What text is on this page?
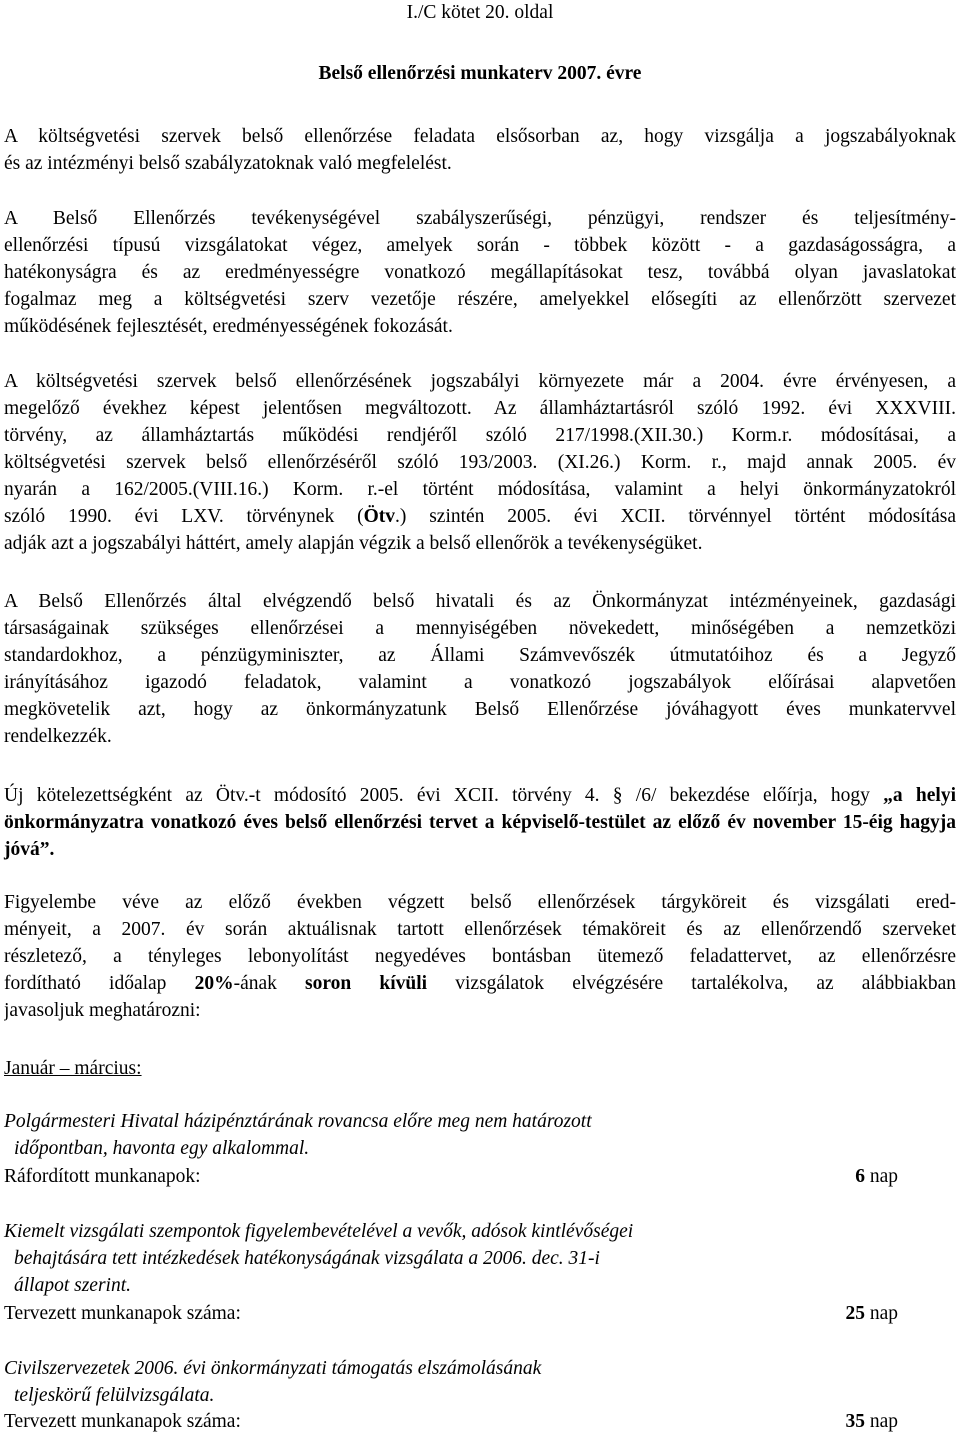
I./C kötet 20. oldal
Belső ellenőrzési munkaterv 2007. évre
A költségvetési szervek belső ellenőrzése feladata elsősorban az, hogy vizsgálja a jogszabályoknak
és az intézményi belső szabályzatoknak való megfelelést.
A Belső Ellenőrzés tevékenységével szabályszerűségi, pénzügyi, rendszer és teljesítmény-
ellenőrzési típusú vizsgálatokat végez, amelyek során - többek között - a gazdaságosságra, a
hatékonyságra és az eredményességre vonatkozó megállapításokat tesz, továbbá olyan javaslatokat
fogalmaz meg a költségvetési szerv vezetője részére, amelyekkel elősegíti az ellenőrzött szervezet
működésének fejlesztését, eredményességének fokozását.
A költségvetési szervek belső ellenőrzésének jogszabályi környezete már a 2004. évre érvényesen, a
megelőző évekhez képest jelentősen megváltozott. Az államháztartásról szóló 1992. évi XXXVIII.
törvény, az államháztartás működési rendjéről szóló 217/1998.(XII.30.) Korm.r. módosításai, a
költségvetési szervek belső ellenőrzéséről szóló 193/2003. (XI.26.) Korm. r., majd annak 2005. év
nyarán a 162/2005.(VIII.16.) Korm. r.-el történt módosítása, valamint a helyi önkormányzatokról
szóló 1990. évi LXV. törvénynek (Ötv.) szintén 2005. évi XCII. törvénnyel történt módosítása
adják azt a jogszabályi háttért, amely alapján végzik a belső ellenőrök a tevékenységüket.
A Belső Ellenőrzés által elvégzendő belső hivatali és az Önkormányzat intézményeinek, gazdasági
társaságainak szükséges ellenőrzései a mennyiségében növekedett, minőségében a nemzetközi
standardokhoz, a pénzügyminiszter, az Állami Számvevőszék útmutatóihoz és a Jegyző
irányításához igazodó feladatok, valamint a vonatkozó jogszabályok előírásai alapvetően
megkövetelik azt, hogy az önkormányzatunk Belső Ellenőrzése jóváhagyott éves munkatervvel
rendelkezzék.
Új kötelezettségként az Ötv.-t módosító 2005. évi XCII. törvény 4. § /6/ bekezdése előírja, hogy „a helyi önkormányzatra vonatkozó éves belső ellenőrzési tervet a képviselő-testület az előző év november 15-éig hagyja jóvá”.
Figyelembe véve az előző években végzett belső ellenőrzések tárgyköreit és vizsgálati ered-
ményeit, a 2007. év során aktuálisnak tartott ellenőrzések témaköreit és az ellenőrzendő szerveket
részletező, a tényleges lebonyolítást negyedéves bontásban ütemező feladattervet, az ellenőrzésre
fordítható időalap 20%-ának soron kívüli vizsgálatok elvégzésére tartalékolva, az alábbiakban
javasoljuk meghatározni:
Január – március:
Polgármesteri Hivatal házipénztárának rovancsa előre meg nem határozott
időpontban, havonta egy alkalommal.
Ráfordított munkanapok:	6 nap
Kiemelt vizsgálati szempontok figyelembevételével a vevők, adósok kintlévőségei
behajtására tett intézkedések hatékonyságának vizsgálata a 2006. dec. 31-i
állapot szerint.
Tervezett munkanapok száma:	25 nap
Civilszervezetek 2006. évi önkormányzati támogatás elszámolásának
teljeskörű felülvizsgálata.
Tervezett munkanapok száma:	35 nap
